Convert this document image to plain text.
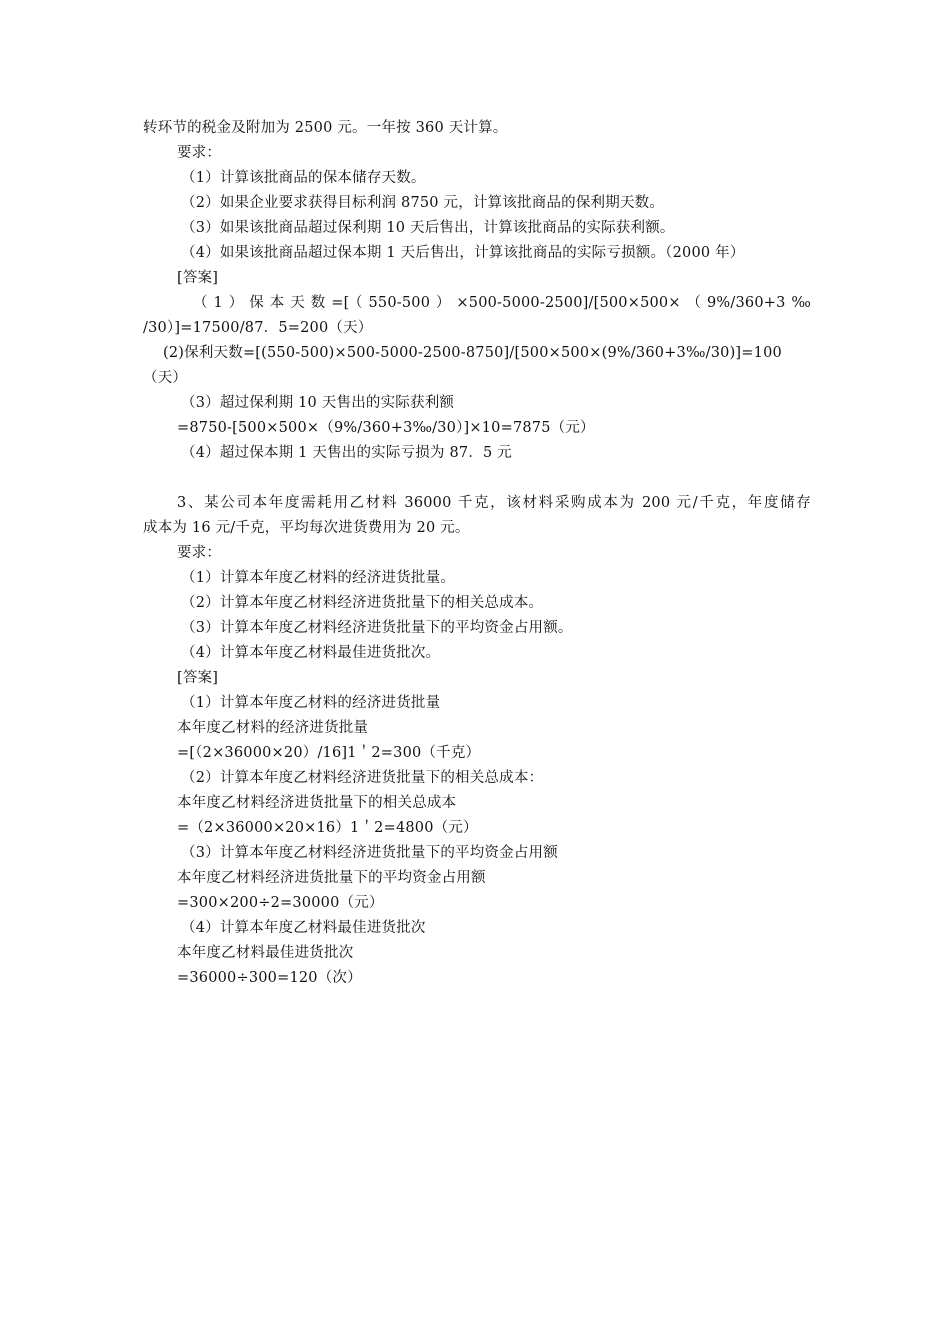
转环节的税金及附加为 2500 元。一年按 360 天计算。
要求：
（1）计算该批商品的保本储存天数。
（2）如果企业要求获得目标利润 8750 元，计算该批商品的保利期天数。
（3）如果该批商品超过保利期 10 天后售出，计算该批商品的实际获利额。
（4）如果该批商品超过保本期 1 天后售出，计算该批商品的实际亏损额。（2000 年）
[答案]
（1）保本天数=[（550-500）×500-5000-2500]/[500×500×（9%/360+3‰
/30）]=17500/87．5=200（天）
(2)保利天数=[(550-500)×500-5000-2500-8750]/[500×500×(9%/360+3‰/30)]=100
（天）
（3）超过保利期 10 天售出的实际获利额
=8750-[500×500×（9%/360+3‰/30）]×10=7875（元）
（4）超过保本期 1 天售出的实际亏损为 87．5 元
3、某公司本年度需耗用乙材料 36000 千克，该材料采购成本为 200 元/千克，年度储存
成本为 16 元/千克，平均每次进货费用为 20 元。
要求：
（1）计算本年度乙材料的经济进货批量。
（2）计算本年度乙材料经济进货批量下的相关总成本。
（3）计算本年度乙材料经济进货批量下的平均资金占用额。
（4）计算本年度乙材料最佳进货批次。
[答案]
（1）计算本年度乙材料的经济进货批量
本年度乙材料的经济进货批量
=[（2×36000×20）/16]1＇2=300（千克）
（2）计算本年度乙材料经济进货批量下的相关总成本：
本年度乙材料经济进货批量下的相关总成本
=（2×36000×20×16）1＇2=4800（元）
（3）计算本年度乙材料经济进货批量下的平均资金占用额
本年度乙材料经济进货批量下的平均资金占用额
=300×200÷2=30000（元）
（4）计算本年度乙材料最佳进货批次
本年度乙材料最佳进货批次
=36000÷300=120（次）
